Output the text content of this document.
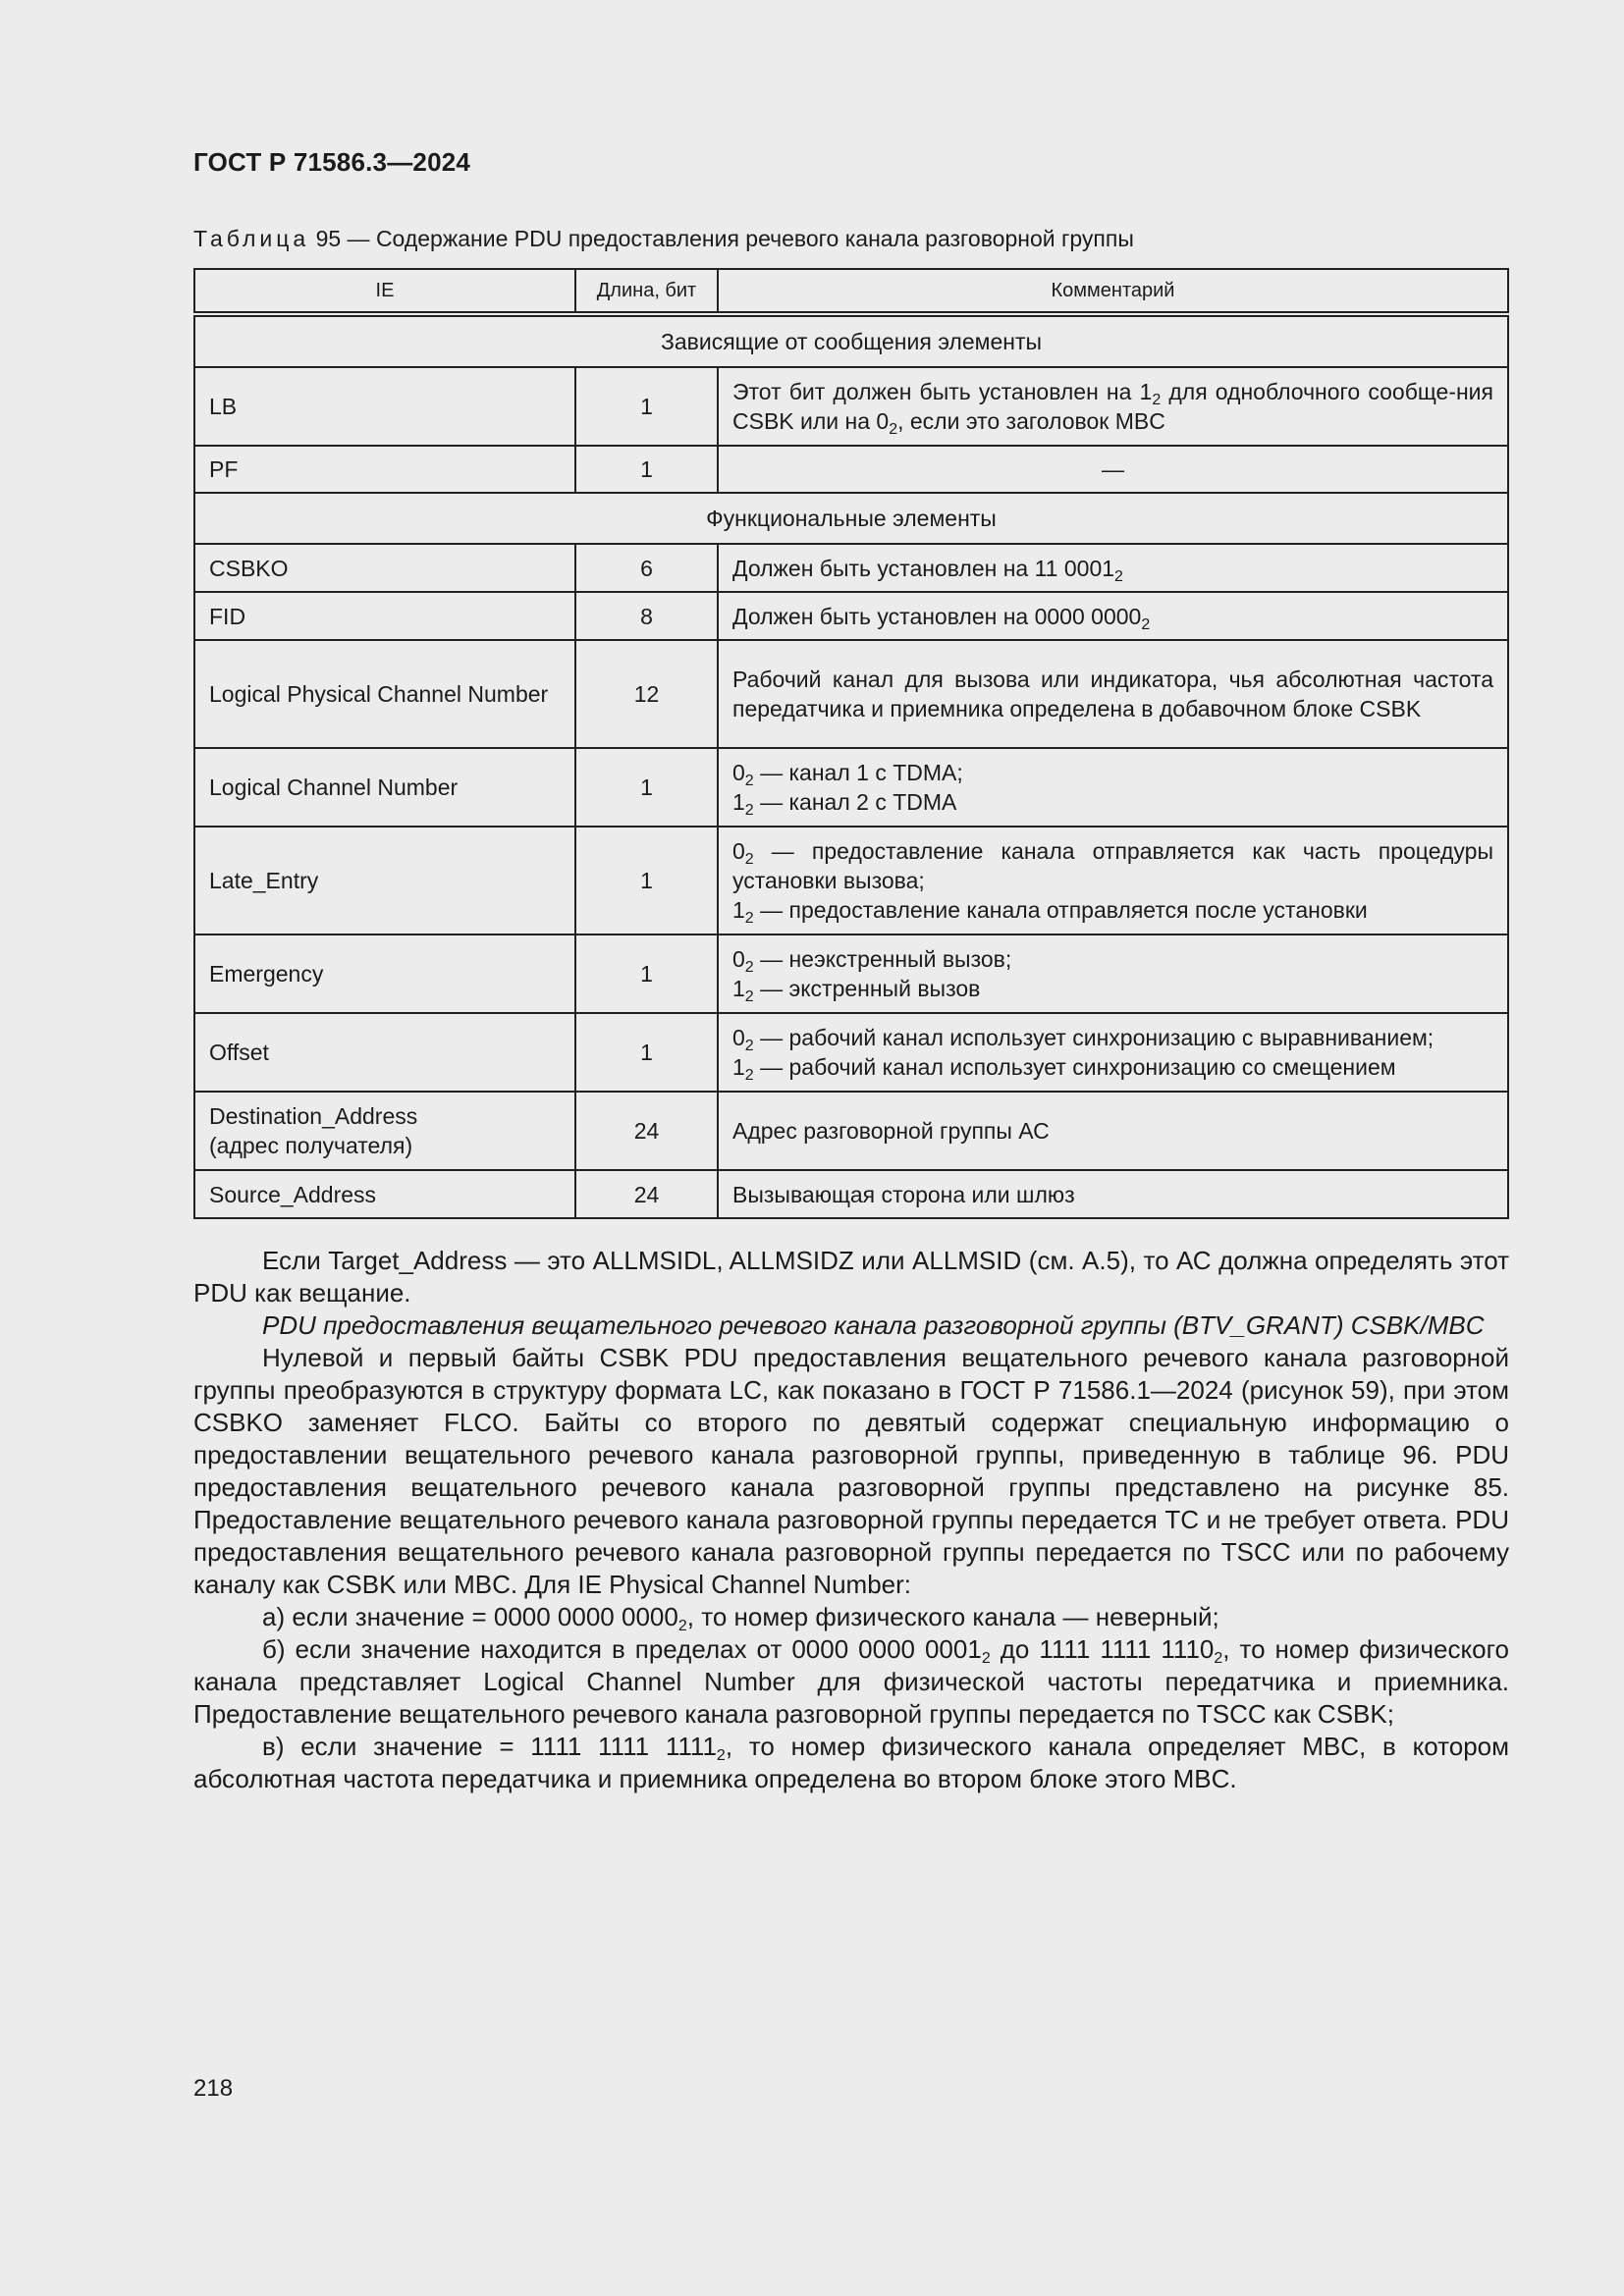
ГОСТ Р 71586.3—2024
Таблица 95 — Содержание PDU предоставления речевого канала разговорной группы
IE	Длина, бит	Комментарий
Зависящие от сообщения элементы		
LB	1	Этот бит должен быть установлен на $1_2$ для одноблочного сообще-ния CSBK или на $0_2$, если это заголовок MBC
PF	1	—
Функциональные элементы		
CSBKO	6	Должен быть установлен на 11 $0001_2$
FID	8	Должен быть установлен на 0000 $0000_2$
Logical Physical Channel Number	12	Рабочий канал для вызова или индикатора, чья абсолютная частота передатчика и приемника определена в добавочном блоке CSBK
Logical Channel Number	1	$0_2$ — канал 1 с TDMA;
$1_2$ — канал 2 с TDMA
Late_Entry	1	$0_2$ — предоставление канала отправляется как часть процедуры установки вызова;
$1_2$ — предоставление канала отправляется после установки
Emergency	1	$0_2$ — неэкстренный вызов;
$1_2$ — экстренный вызов
Offset	1	$0_2$ — рабочий канал использует синхронизацию с выравниванием;
$1_2$ — рабочий канал использует синхронизацию со смещением
Destination_Address
(адрес получателя)	24	Адрес разговорной группы АС
Source_Address	24	Вызывающая сторона или шлюз

Если Target_Address — это ALLMSIDL, ALLMSIDZ или ALLMSID (см. А.5), то АС должна определять этот PDU как вещание.

PDU предоставления вещательного речевого канала разговорной группы (BTV_GRANT) CSBK/MBC

Нулевой и первый байты CSBK PDU предоставления вещательного речевого канала разговорной группы преобразуются в структуру формата LC, как показано в ГОСТ Р 71586.1—2024 (рисунок 59), при этом CSBKO заменяет FLCO. Байты со второго по девятый содержат специальную информацию о предоставлении вещательного речевого канала разговорной группы, приведенную в таблице 96. PDU предоставления вещательного речевого канала разговорной группы представлено на рисунке 85. Предоставление вещательного речевого канала разговорной группы передается ТС и не требует ответа. PDU предоставления вещательного речевого канала разговорной группы передается по TSCC или по рабочему каналу как CSBK или MBC. Для IE Physical Channel Number:

а) если значение = 0000 0000 $0000_2$, то номер физического канала — неверный;

б) если значение находится в пределах от 0000 0000 $0001_2$ до 1111 1111 $1110_2$, то номер физического канала представляет Logical Channel Number для физической частоты передатчика и приемника. Предоставление вещательного речевого канала разговорной группы передается по TSCC как CSBK;

в) если значение = 1111 1111 $1111_2$, то номер физического канала определяет MBC, в котором абсолютная частота передатчика и приемника определена во втором блоке этого MBC.

218
